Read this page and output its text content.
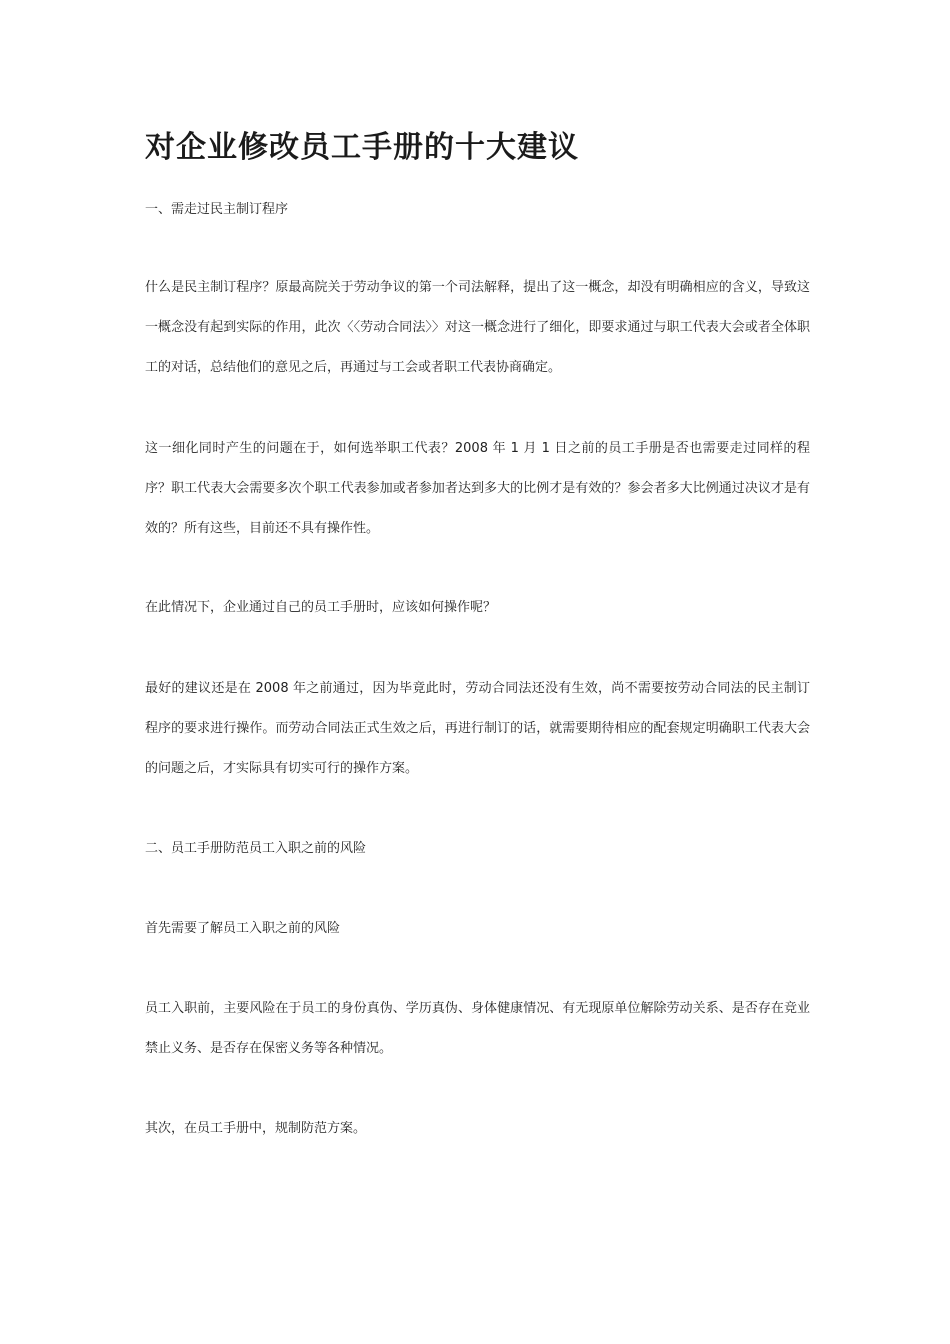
对企业修改员工手册的十大建议

一、需走过民主制订程序

什么是民主制订程序？原最高院关于劳动争议的第一个司法解释，提出了这一概念，却没有明确相应的含义，导致这一概念没有起到实际的作用，此次〈〈劳动合同法〉〉对这一概念进行了细化，即要求通过与职工代表大会或者全体职工的对话，总结他们的意见之后，再通过与工会或者职工代表协商确定。

这一细化同时产生的问题在于，如何选举职工代表？2008 年 1 月 1 日之前的员工手册是否也需要走过同样的程序？职工代表大会需要多次个职工代表参加或者参加者达到多大的比例才是有效的？参会者多大比例通过决议才是有效的？所有这些，目前还不具有操作性。

在此情况下，企业通过自己的员工手册时，应该如何操作呢？

最好的建议还是在 2008 年之前通过，因为毕竟此时，劳动合同法还没有生效，尚不需要按劳动合同法的民主制订程序的要求进行操作。而劳动合同法正式生效之后，再进行制订的话，就需要期待相应的配套规定明确职工代表大会的问题之后，才实际具有切实可行的操作方案。

二、员工手册防范员工入职之前的风险

首先需要了解员工入职之前的风险

员工入职前，主要风险在于员工的身份真伪、学历真伪、身体健康情况、有无现原单位解除劳动关系、是否存在竞业禁止义务、是否存在保密义务等各种情况。

其次，在员工手册中，规制防范方案。
